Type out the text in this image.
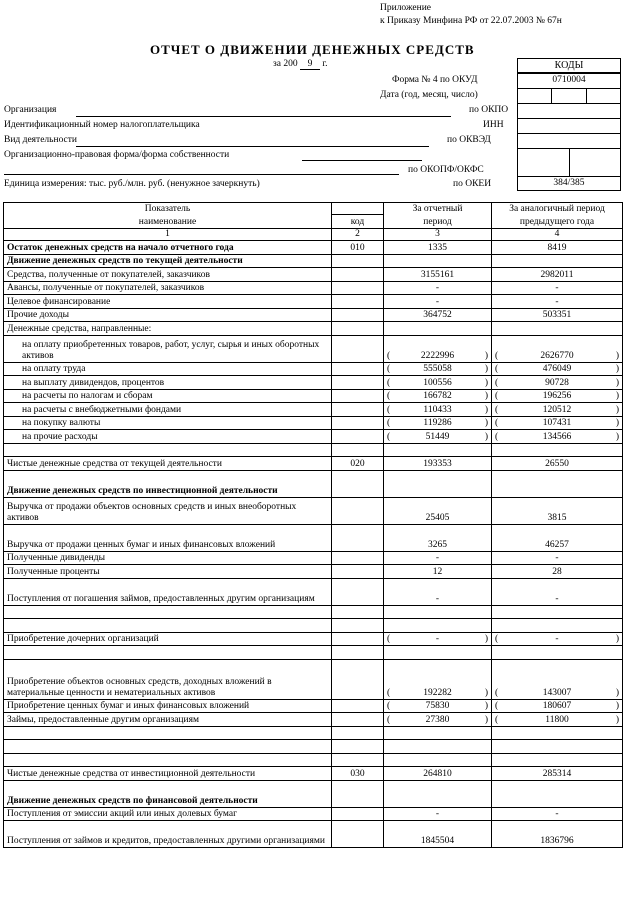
Приложение
к Приказу Минфина РФ от 22.07.2003 № 67н
ОТЧЕТ О ДВИЖЕНИИ ДЕНЕЖНЫХ СРЕДСТВ
за 200 9 г.	КОДЫ
Форма № 4 по ОКУД	0710004
Дата (год, месяц, число)
Организация	по ОКПО
Идентификационный номер налогоплательщика	ИНН
Вид деятельности	по ОКВЭД
Организационно-правовая форма/форма собственности
по ОКОПФ/ОКФС
Единица измерения: тыс. руб./млн. руб. (ненужное зачеркнуть)	по ОКЕИ	384/385
Показатель		За отчетный	За аналогичный период
наименование	код	период	предыдущего года
1	2	3	4
Остаток денежных средств на начало отчетного года	010	1335	8419
Движение денежных средств по текущей деятельности			
Средства, полученные от покупателей, заказчиков		3155161	2982011
Авансы, полученные от покупателей, заказчиков		-	-
Целевое финансирование		-	-
Прочие доходы		364752	503351
Денежные средства, направленные:			
на оплату приобретенных товаров, работ, услуг, сырья и иных оборотных активов		( 2222996 )	( 2626770 )

на оплату труда		( 555058 )	( 476049 )

на выплату дивидендов, процентов		( 100556 )	( 90728 )

на расчеты по налогам и сборам		( 166782 )	( 196256 )

на расчеты с внебюджетными фондами		( 110433 )	( 120512 )

на покупку валюты		( 119286 )	( 107431 )

на прочие расходы		( 51449 )	( 134566 )

Чистые денежные средства от текущей деятельности	020	193353	26550
Движение денежных средств по инвестиционной деятельности			
Выручка от продажи объектов основных средств и иных внеоборотных активов		25405	3815
Выручка от продажи ценных бумаг и иных финансовых вложений		3265	46257
Полученные дивиденды		-	-
Полученные проценты		12	28
Поступления от погашения займов, предоставленных другим организациям		-	-

Приобретение дочерних организаций		( - )	( - )

Приобретение объектов основных средств, доходных вложений в материальные ценности и нематериальных активов		( 192282 )	( 143007 )

Приобретение ценных бумаг и иных финансовых вложений		( 75830 )	( 180607 )

Займы, предоставленные другим организациям		( 27380 )	( 11800 )

Чистые денежные средства от инвестиционной деятельности	030	264810	285314
Движение денежных средств по финансовой деятельности			
Поступления от эмиссии акций или иных долевых бумаг		-	-
Поступления от займов и кредитов, предоставленных другими организациями		1845504	1836796
